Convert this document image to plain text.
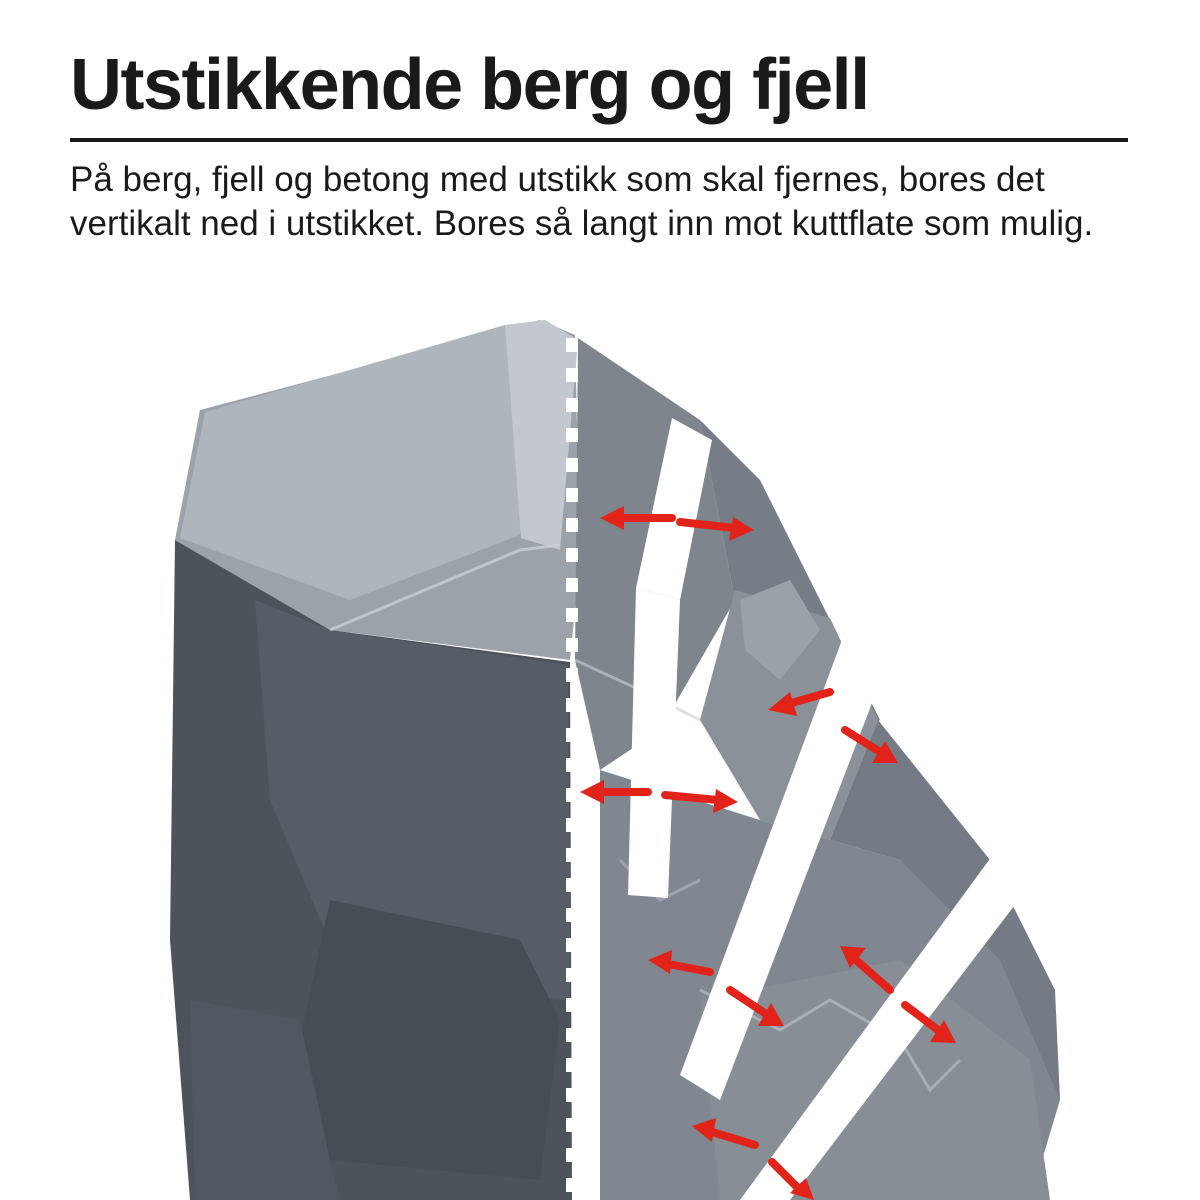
Utstikkende berg og fjell

På berg, fjell og betong med utstikk som skal fjernes, bores det vertikalt ned i utstikket. Bores så langt inn mot kuttflate som mulig.
